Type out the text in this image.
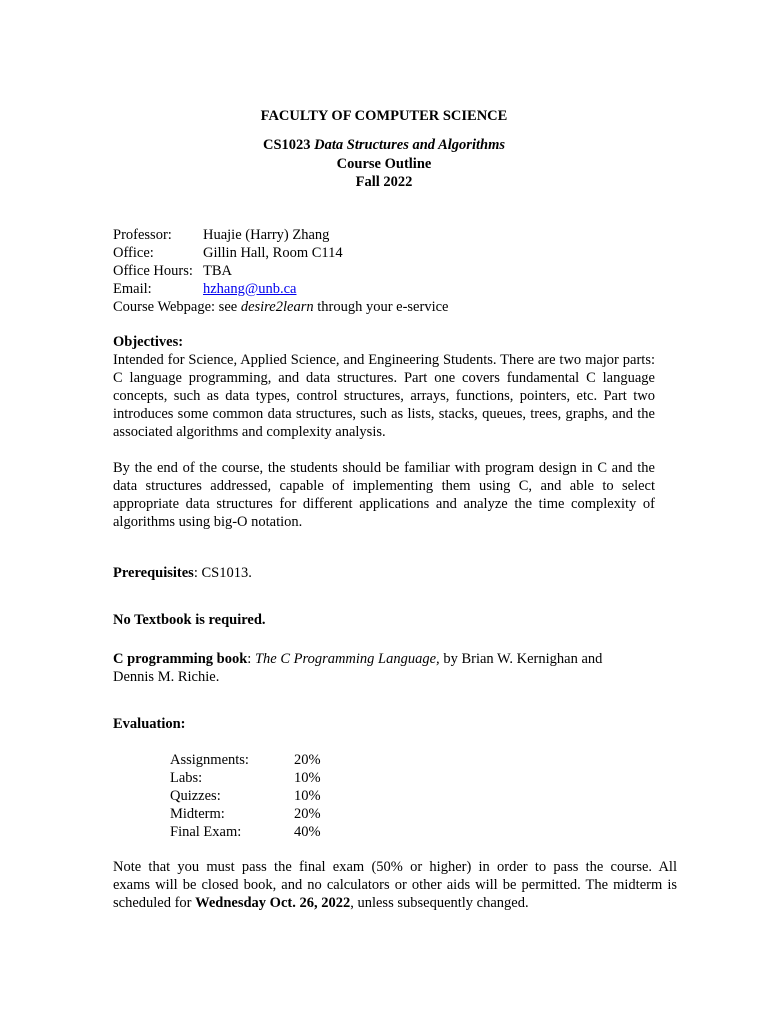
FACULTY OF COMPUTER SCIENCE
CS1023 Data Structures and Algorithms
Course Outline
Fall 2022
Professor: Huajie (Harry) Zhang
Office:	Gillin Hall, Room C114
Office Hours: TBA
Email:	hzhang@unb.ca
Course Webpage: see desire2learn through your e-service
Objectives:
Intended for Science, Applied Science, and Engineering Students. There are two major parts: C language programming, and data structures. Part one covers fundamental C language concepts, such as data types, control structures, arrays, functions, pointers, etc. Part two introduces some common data structures, such as lists, stacks, queues, trees, graphs, and the associated algorithms and complexity analysis.
By the end of the course, the students should be familiar with program design in C and the data structures addressed, capable of implementing them using C, and able to select appropriate data structures for different applications and analyze the time complexity of algorithms using big-O notation.
Prerequisites: CS1013.
No Textbook is required.
C programming book: The C Programming Language, by Brian W. Kernighan and
Dennis M. Richie.
Evaluation:
Assignments:	20%
Labs:	10%
Quizzes:	10%
Midterm:	20%
Final Exam:	40%
Note that you must pass the final exam (50% or higher) in order to pass the course. All
exams will be closed book, and no calculators or other aids will be permitted. The midterm is
scheduled for Wednesday Oct. 26, 2022, unless subsequently changed.
